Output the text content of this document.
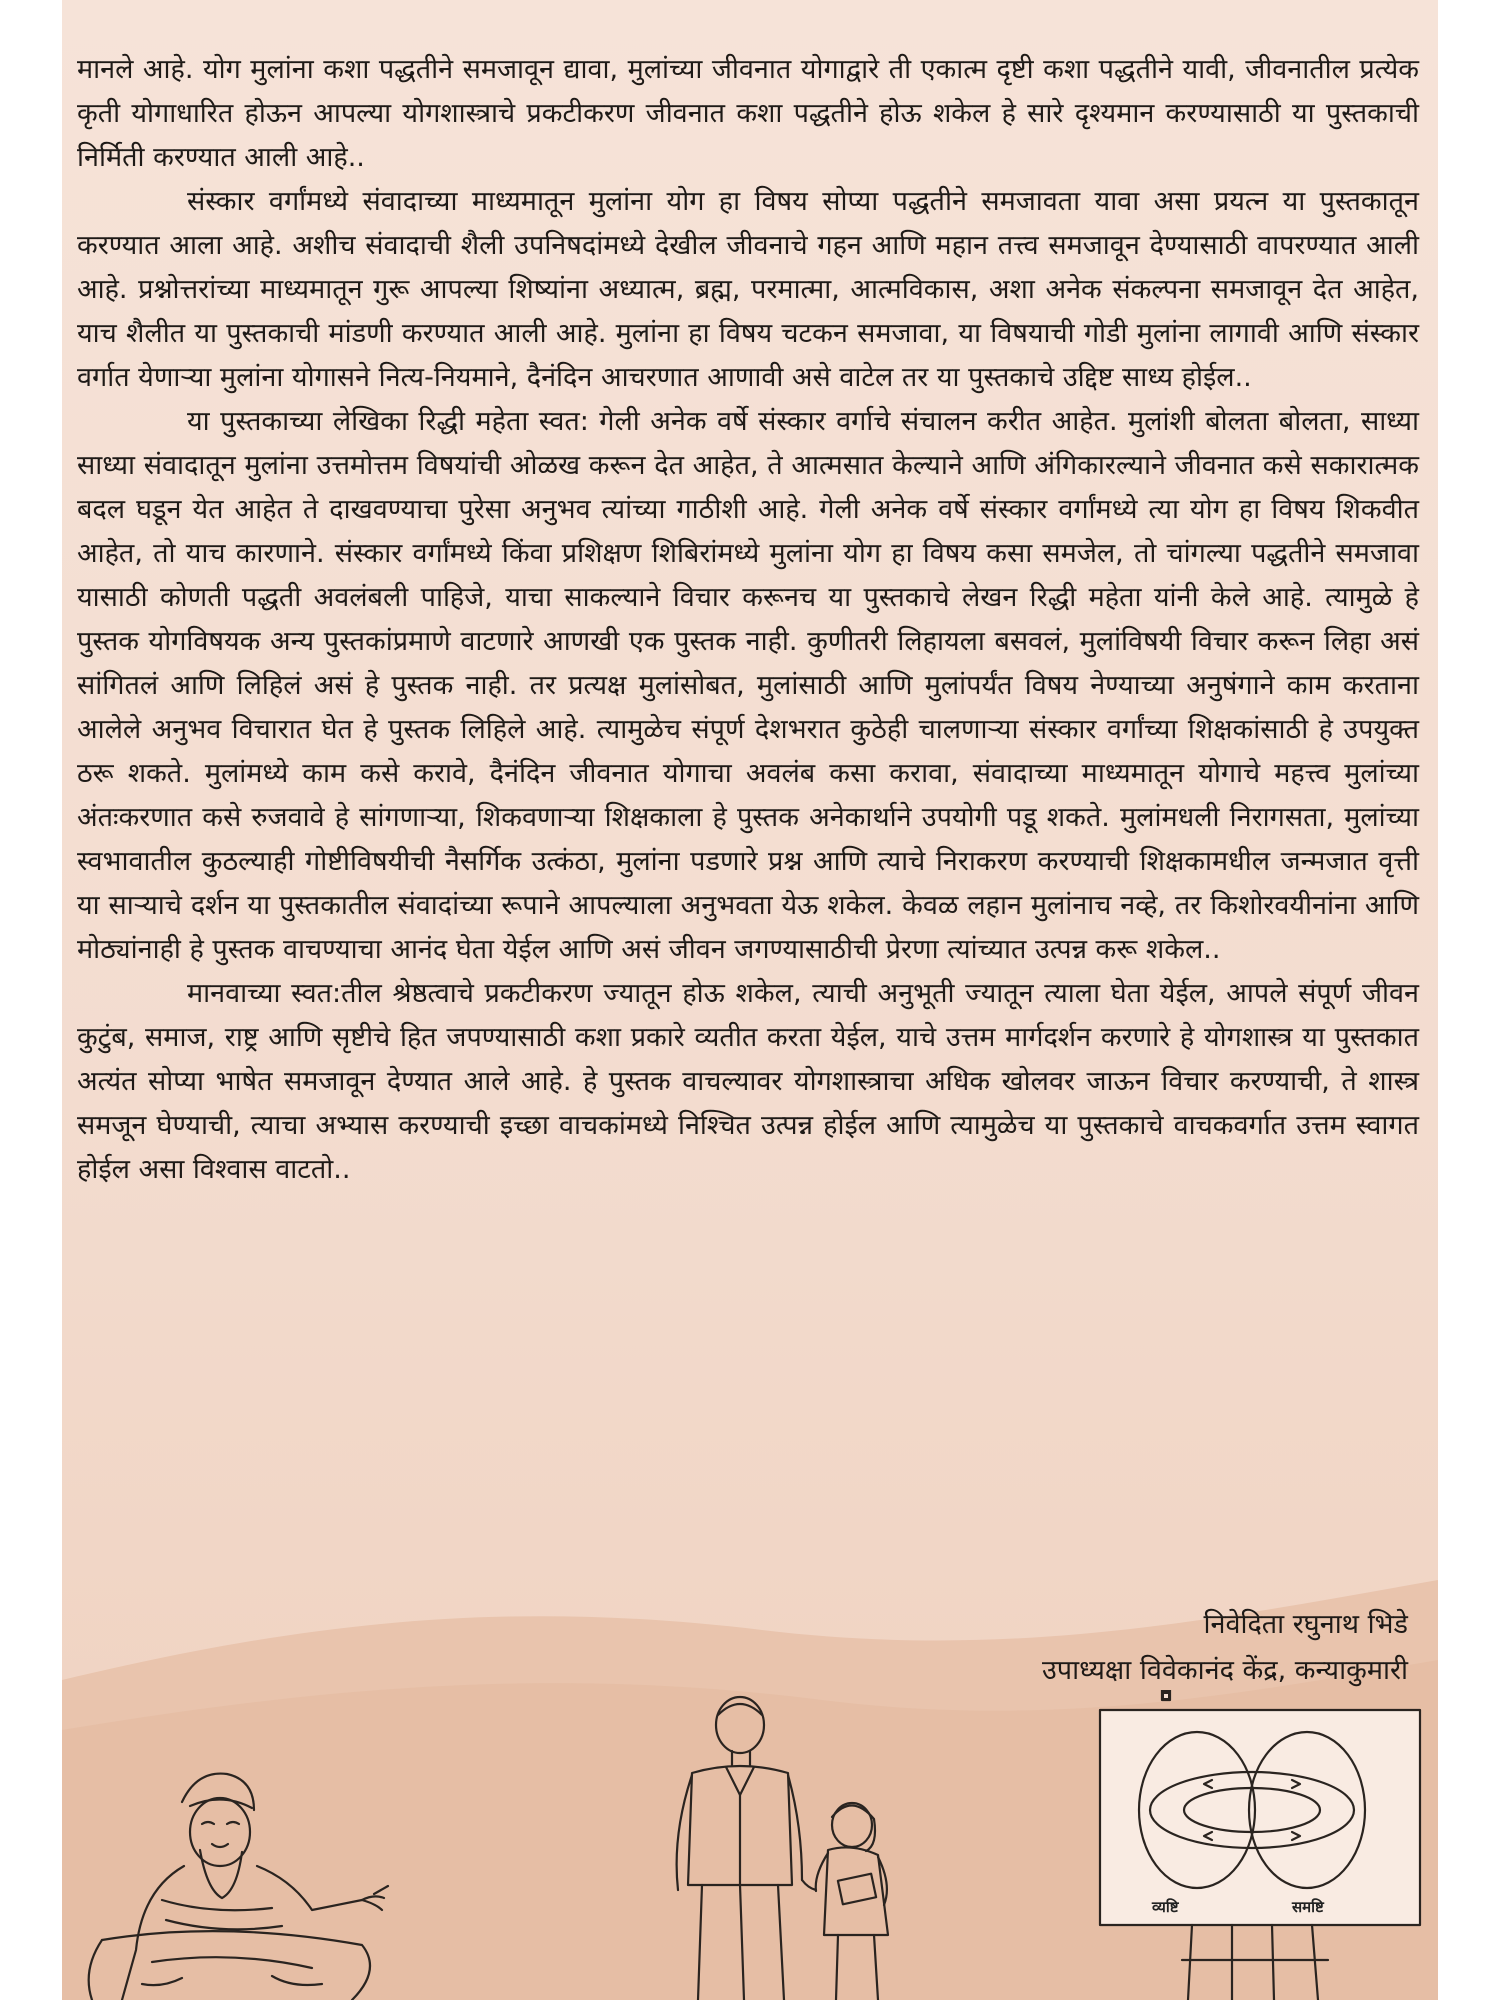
मानले आहे. योग मुलांना कशा पद्धतीने समजावून द्यावा, मुलांच्या जीवनात योगाद्वारे ती एकात्म दृष्टी कशा पद्धतीने यावी, जीवनातील प्रत्येक कृती योगाधारित होऊन आपल्या योगशास्त्राचे प्रकटीकरण जीवनात कशा पद्धतीने होऊ शकेल हे सारे दृश्यमान करण्यासाठी या पुस्तकाची निर्मिती करण्यात आली आहे..

संस्कार वर्गांमध्ये संवादाच्या माध्यमातून मुलांना योग हा विषय सोप्या पद्धतीने समजावता यावा असा प्रयत्न या पुस्तकातून करण्यात आला आहे. अशीच संवादाची शैली उपनिषदांमध्ये देखील जीवनाचे गहन आणि महान तत्त्व समजावून देण्यासाठी वापरण्यात आली आहे. प्रश्नोत्तरांच्या माध्यमातून गुरू आपल्या शिष्यांना अध्यात्म, ब्रह्म, परमात्मा, आत्मविकास, अशा अनेक संकल्पना समजावून देत आहेत, याच शैलीत या पुस्तकाची मांडणी करण्यात आली आहे. मुलांना हा विषय चटकन समजावा, या विषयाची गोडी मुलांना लागावी आणि संस्कार वर्गात येणाऱ्या मुलांना योगासने नित्य-नियमाने, दैनंदिन आचरणात आणावी असे वाटेल तर या पुस्तकाचे उद्दिष्ट साध्य होईल..

या पुस्तकाच्या लेखिका रिद्धी महेता स्वत: गेली अनेक वर्षे संस्कार वर्गाचे संचालन करीत आहेत. मुलांशी बोलता बोलता, साध्या साध्या संवादातून मुलांना उत्तमोत्तम विषयांची ओळख करून देत आहेत, ते आत्मसात केल्याने आणि अंगिकारल्याने जीवनात कसे सकारात्मक बदल घडून येत आहेत ते दाखवण्याचा पुरेसा अनुभव त्यांच्या गाठीशी आहे. गेली अनेक वर्षे संस्कार वर्गांमध्ये त्या योग हा विषय शिकवीत आहेत, तो याच कारणाने. संस्कार वर्गांमध्ये किंवा प्रशिक्षण शिबिरांमध्ये मुलांना योग हा विषय कसा समजेल, तो चांगल्या पद्धतीने समजावा यासाठी कोणती पद्धती अवलंबली पाहिजे, याचा साकल्याने विचार करूनच या पुस्तकाचे लेखन रिद्धी महेता यांनी केले आहे. त्यामुळे हे पुस्तक योगविषयक अन्य पुस्तकांप्रमाणे वाटणारे आणखी एक पुस्तक नाही. कुणीतरी लिहायला बसवलं, मुलांविषयी विचार करून लिहा असं सांगितलं आणि लिहिलं असं हे पुस्तक नाही. तर प्रत्यक्ष मुलांसोबत, मुलांसाठी आणि मुलांपर्यंत विषय नेण्याच्या अनुषंगाने काम करताना आलेले अनुभव विचारात घेत हे पुस्तक लिहिले आहे. त्यामुळेच संपूर्ण देशभरात कुठेही चालणाऱ्या संस्कार वर्गांच्या शिक्षकांसाठी हे उपयुक्त ठरू शकते. मुलांमध्ये काम कसे करावे, दैनंदिन जीवनात योगाचा अवलंब कसा करावा, संवादाच्या माध्यमातून योगाचे महत्त्व मुलांच्या अंतःकरणात कसे रुजवावे हे सांगणाऱ्या, शिकवणाऱ्या शिक्षकाला हे पुस्तक अनेकार्थाने उपयोगी पडू शकते. मुलांमधली निरागसता, मुलांच्या स्वभावातील कुठल्याही गोष्टीविषयीची नैसर्गिक उत्कंठा, मुलांना पडणारे प्रश्न आणि त्याचे निराकरण करण्याची शिक्षकामधील जन्मजात वृत्ती या साऱ्याचे दर्शन या पुस्तकातील संवादांच्या रूपाने आपल्याला अनुभवता येऊ शकेल. केवळ लहान मुलांनाच नव्हे, तर किशोरवयीनांना आणि मोठ्यांनाही हे पुस्तक वाचण्याचा आनंद घेता येईल आणि असं जीवन जगण्यासाठीची प्रेरणा त्यांच्यात उत्पन्न करू शकेल..

मानवाच्या स्वत:तील श्रेष्ठत्वाचे प्रकटीकरण ज्यातून होऊ शकेल, त्याची अनुभूती ज्यातून त्याला घेता येईल, आपले संपूर्ण जीवन कुटुंब, समाज, राष्ट्र आणि सृष्टीचे हित जपण्यासाठी कशा प्रकारे व्यतीत करता येईल, याचे उत्तम मार्गदर्शन करणारे हे योगशास्त्र या पुस्तकात अत्यंत सोप्या भाषेत समजावून देण्यात आले आहे. हे पुस्तक वाचल्यावर योगशास्त्राचा अधिक खोलवर जाऊन विचार करण्याची, ते शास्त्र समजून घेण्याची, त्याचा अभ्यास करण्याची इच्छा वाचकांमध्ये निश्चित उत्पन्न होईल आणि त्यामुळेच या पुस्तकाचे वाचकवर्गात उत्तम स्वागत होईल असा विश्वास वाटतो..

निवेदिता रघुनाथ भिडे
उपाध्यक्षा विवेकानंद केंद्र, कन्याकुमारी
व्यष्टि	समष्टि
